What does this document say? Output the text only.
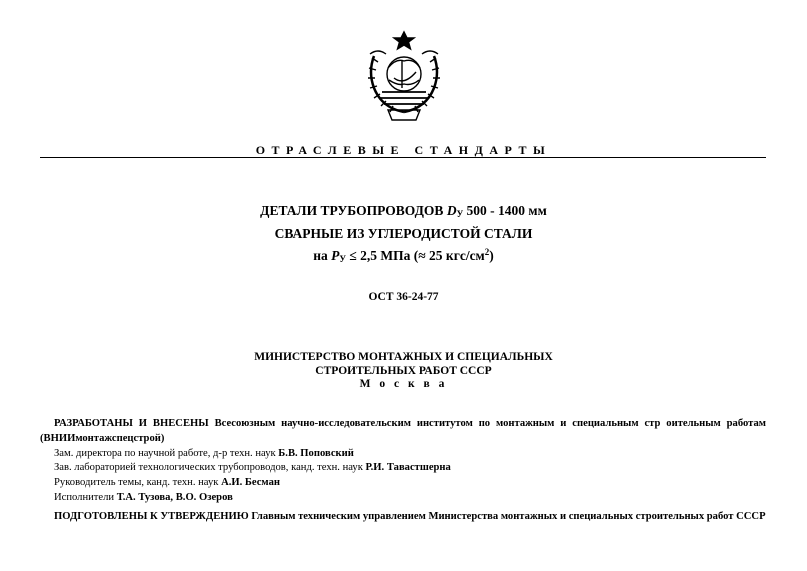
ОТРАСЛЕВЫЕ СТАНДАРТЫ
ДЕТАЛИ ТРУБОПРОВОДОВ $D_У$ 500 - 1400 мм
СВАРНЫЕ ИЗ УГЛЕРОДИСТОЙ СТАЛИ
на $P_У \le 2,5$ МПа (≈ 25 кгс/$см^2$)
ОСТ 36-24-77
МИНИСТЕРСТВО МОНТАЖНЫХ И СПЕЦИАЛЬНЫХ
СТРОИТЕЛЬНЫХ РАБОТ СССР
М о с к в а
РАЗРАБОТАНЫ И ВНЕСЕНЫ Всесоюзным научно-исследовательским институтом по монтажным и специальным стр оительным работам (ВНИИмонтажспецстрой)
Зам. директора по научной работе, д-р техн. наук Б.В. Поповский
Зав. лабораторией технологических трубопроводов, канд. техн. наук Р.И. Тавастшерна
Руководитель темы, канд. техн. наук А.И. Бесман
Исполнители Т.А. Тузова, В.О. Озеров
ПОДГОТОВЛЕНЫ К УТВЕРЖДЕНИЮ Главным техническим управлением Министерства монтажных и специальных строительных работ СССР
